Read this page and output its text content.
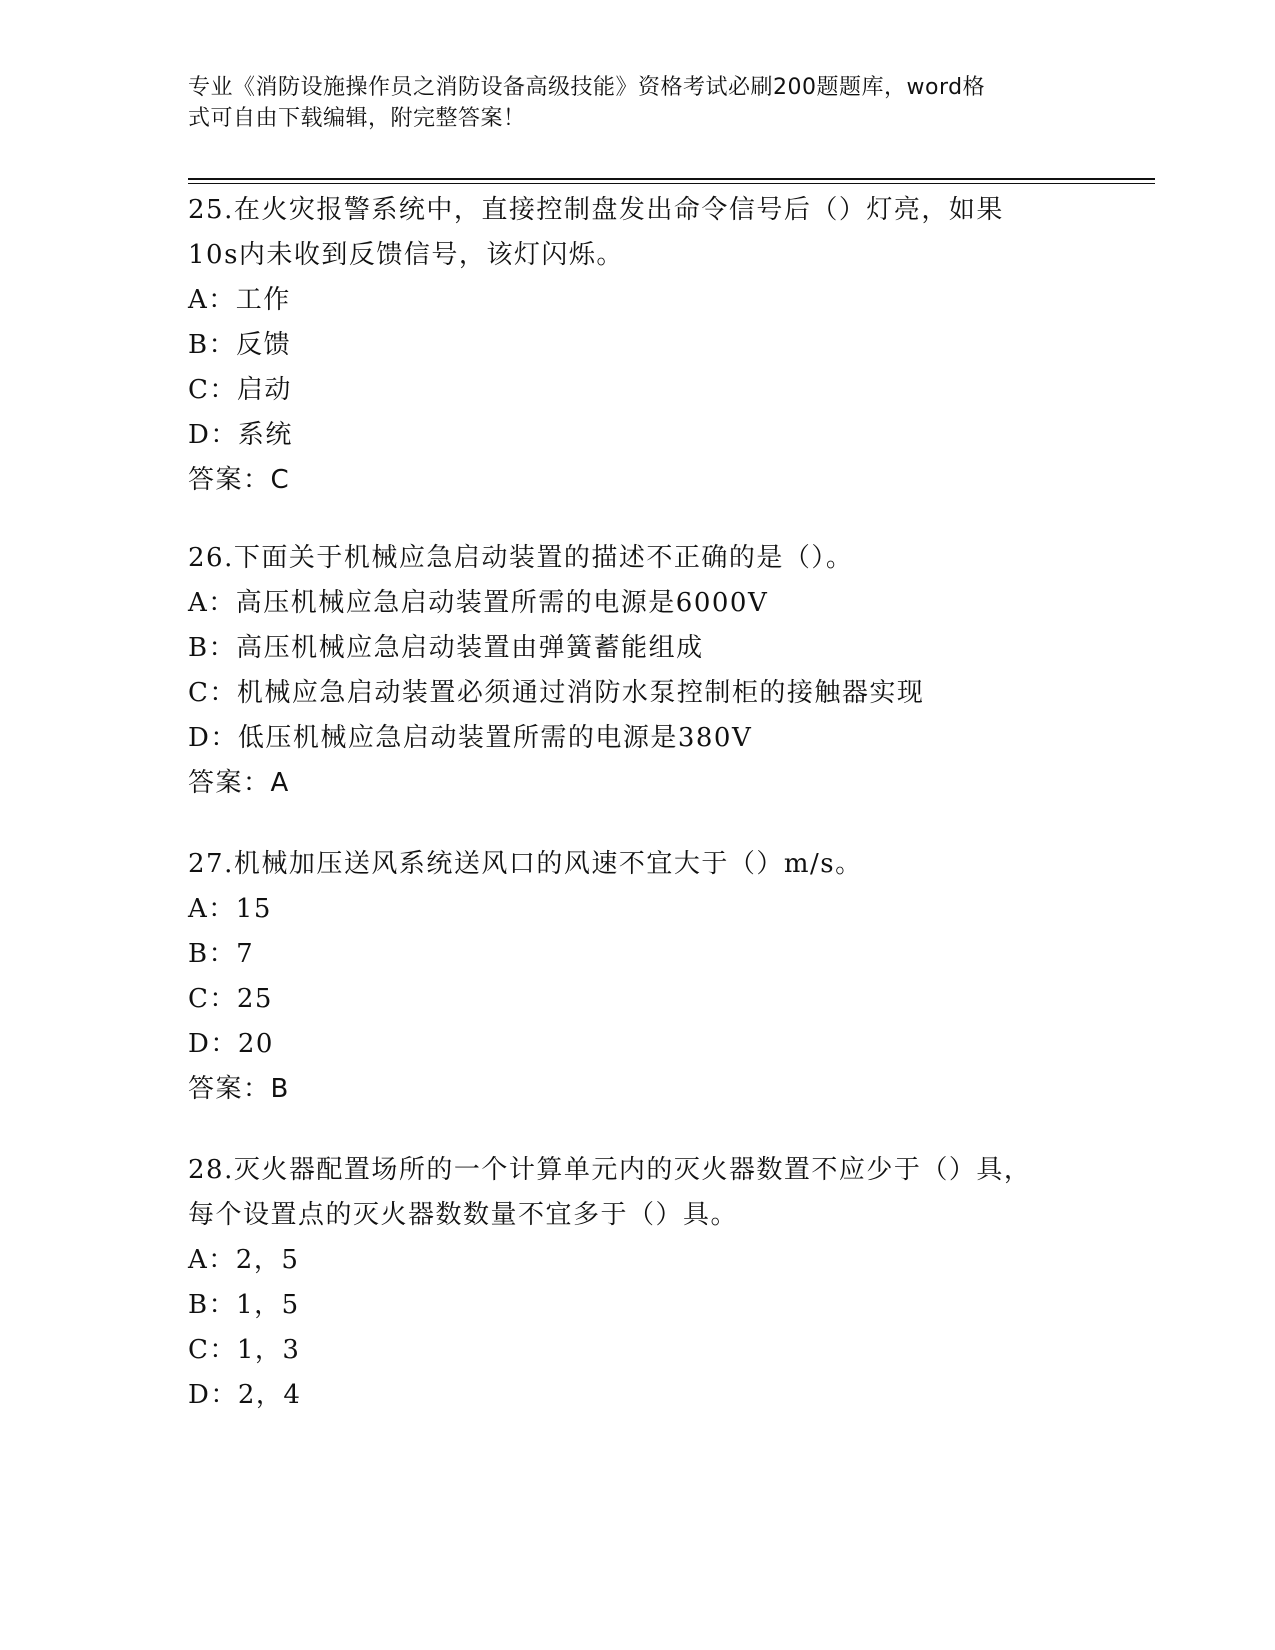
专业《消防设施操作员之消防设备高级技能》资格考试必刷200题题库，word格
式可自由下载编辑，附完整答案！
25.在火灾报警系统中，直接控制盘发出命令信号后（）灯亮，如果
10s内未收到反馈信号，该灯闪烁。
A：工作
B：反馈
C：启动
D：系统
答案：C
26.下面关于机械应急启动装置的描述不正确的是（）。
A：高压机械应急启动装置所需的电源是6000V
B：高压机械应急启动装置由弹簧蓄能组成
C：机械应急启动装置必须通过消防水泵控制柜的接触器实现
D：低压机械应急启动装置所需的电源是380V
答案：A
27.机械加压送风系统送风口的风速不宜大于（）m/s。
A：15
B：7
C：25
D：20
答案：B
28.灭火器配置场所的一个计算单元内的灭火器数置不应少于（）具，
每个设置点的灭火器数数量不宜多于（）具。
A：2，5
B：1，5
C：1，3
D：2，4
